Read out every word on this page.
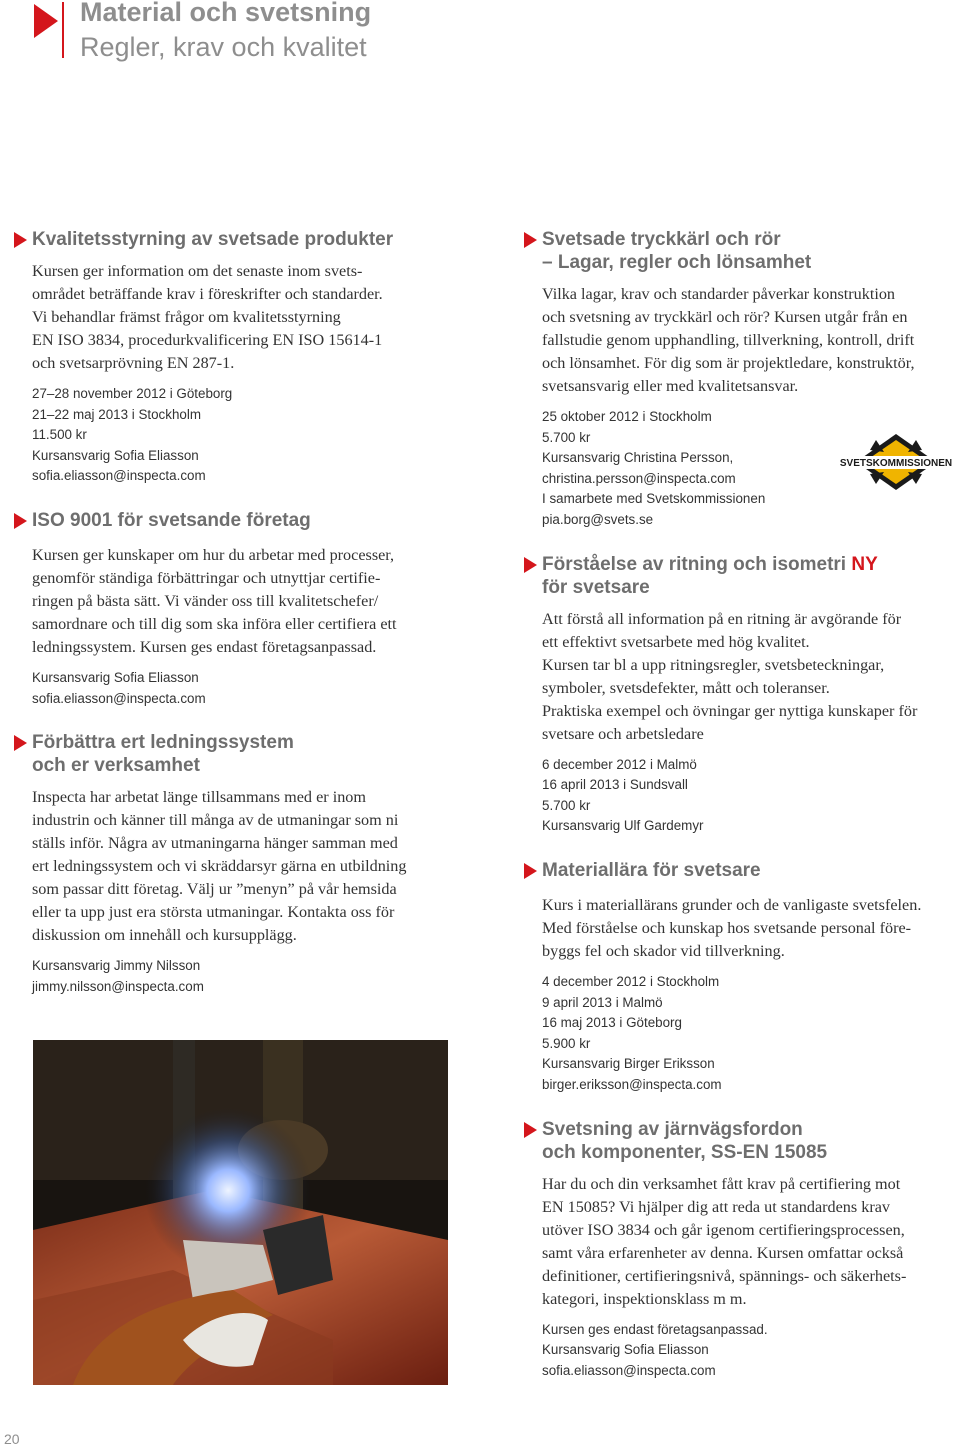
Material och svetsning
Regler, krav och kvalitet
Kvalitetsstyrning av svetsade produkter

Kursen ger information om det senaste inom svets-

området beträffande krav i föreskrifter och standarder.

Vi behandlar främst frågor om kvalitetsstyrning

EN ISO 3834, procedurkvalificering EN ISO 15614-1

och svetsarprövning EN 287-1.

27–28 november 2012 i Göteborg
21–22 maj 2013 i Stockholm
11.500 kr
Kursansvarig Sofia Eliasson
sofia.eliasson@inspecta.com
ISO 9001 för svetsande företag

Kursen ger kunskaper om hur du arbetar med processer,

genomför ständiga förbättringar och utnyttjar certifie-

ringen på bästa sätt. Vi vänder oss till kvalitetschefer/

samordnare och till dig som ska införa eller certifiera ett

ledningssystem. Kursen ges endast företagsanpassad.

Kursansvarig Sofia Eliasson
sofia.eliasson@inspecta.com
Förbättra ert ledningssystem
och er verksamhet

Inspecta har arbetat länge tillsammans med er inom

industrin och känner till många av de utmaningar som ni

ställs inför. Några av utmaningarna hänger samman med

ert ledningssystem och vi skräddarsyr gärna en utbildning

som passar ditt företag. Välj ur ”menyn” på vår hemsida

eller ta upp just era största utmaningar. Kontakta oss för

diskussion om innehåll och kursupplägg.

Kursansvarig Jimmy Nilsson
jimmy.nilsson@inspecta.com
Svetsade tryckkärl och rör
– Lagar, regler och lönsamhet

Vilka lagar, krav och standarder påverkar konstruktion

och svetsning av tryckkärl och rör? Kursen utgår från en

fallstudie genom upphandling, tillverkning, kontroll, drift

och lönsamhet. För dig som är projektledare, konstruktör,

svetsansvarig eller med kvalitetsansvar.

25 oktober 2012 i Stockholm
5.700 kr
Kursansvarig Christina Persson,
christina.persson@inspecta.com
I samarbete med Svetskommissionen
pia.borg@svets.se
Förståelse av ritning och isometri NY
för svetsare

Att förstå all information på en ritning är avgörande för

ett effektivt svetsarbete med hög kvalitet.

Kursen tar bl a upp ritningsregler, svetsbeteckningar,

symboler, svetsdefekter, mått och toleranser.

Praktiska exempel och övningar ger nyttiga kunskaper för

svetsare och arbetsledare

6 december 2012 i Malmö
16 april 2013 i Sundsvall
5.700 kr
Kursansvarig Ulf Gardemyr
Materiallära för svetsare

Kurs i materiallärans grunder och de vanligaste svetsfelen.

Med förståelse och kunskap hos svetsande personal före-

byggs fel och skador vid tillverkning.

4 december 2012 i Stockholm
9 april 2013 i Malmö
16 maj 2013 i Göteborg
5.900 kr
Kursansvarig Birger Eriksson
birger.eriksson@inspecta.com
Svetsning av järnvägsfordon
och komponenter, SS-EN 15085

Har du och din verksamhet fått krav på certifiering mot

EN 15085? Vi hjälper dig att reda ut standardens krav

utöver ISO 3834 och går igenom certifieringsprocessen,

samt våra erfarenheter av denna. Kursen omfattar också

definitioner, certifieringsnivå, spännings- och säkerhets-

kategori, inspektionsklass m m.

Kursen ges endast företagsanpassad.
Kursansvarig Sofia Eliasson
sofia.eliasson@inspecta.com
SVETSKOMMISSIONEN
20
